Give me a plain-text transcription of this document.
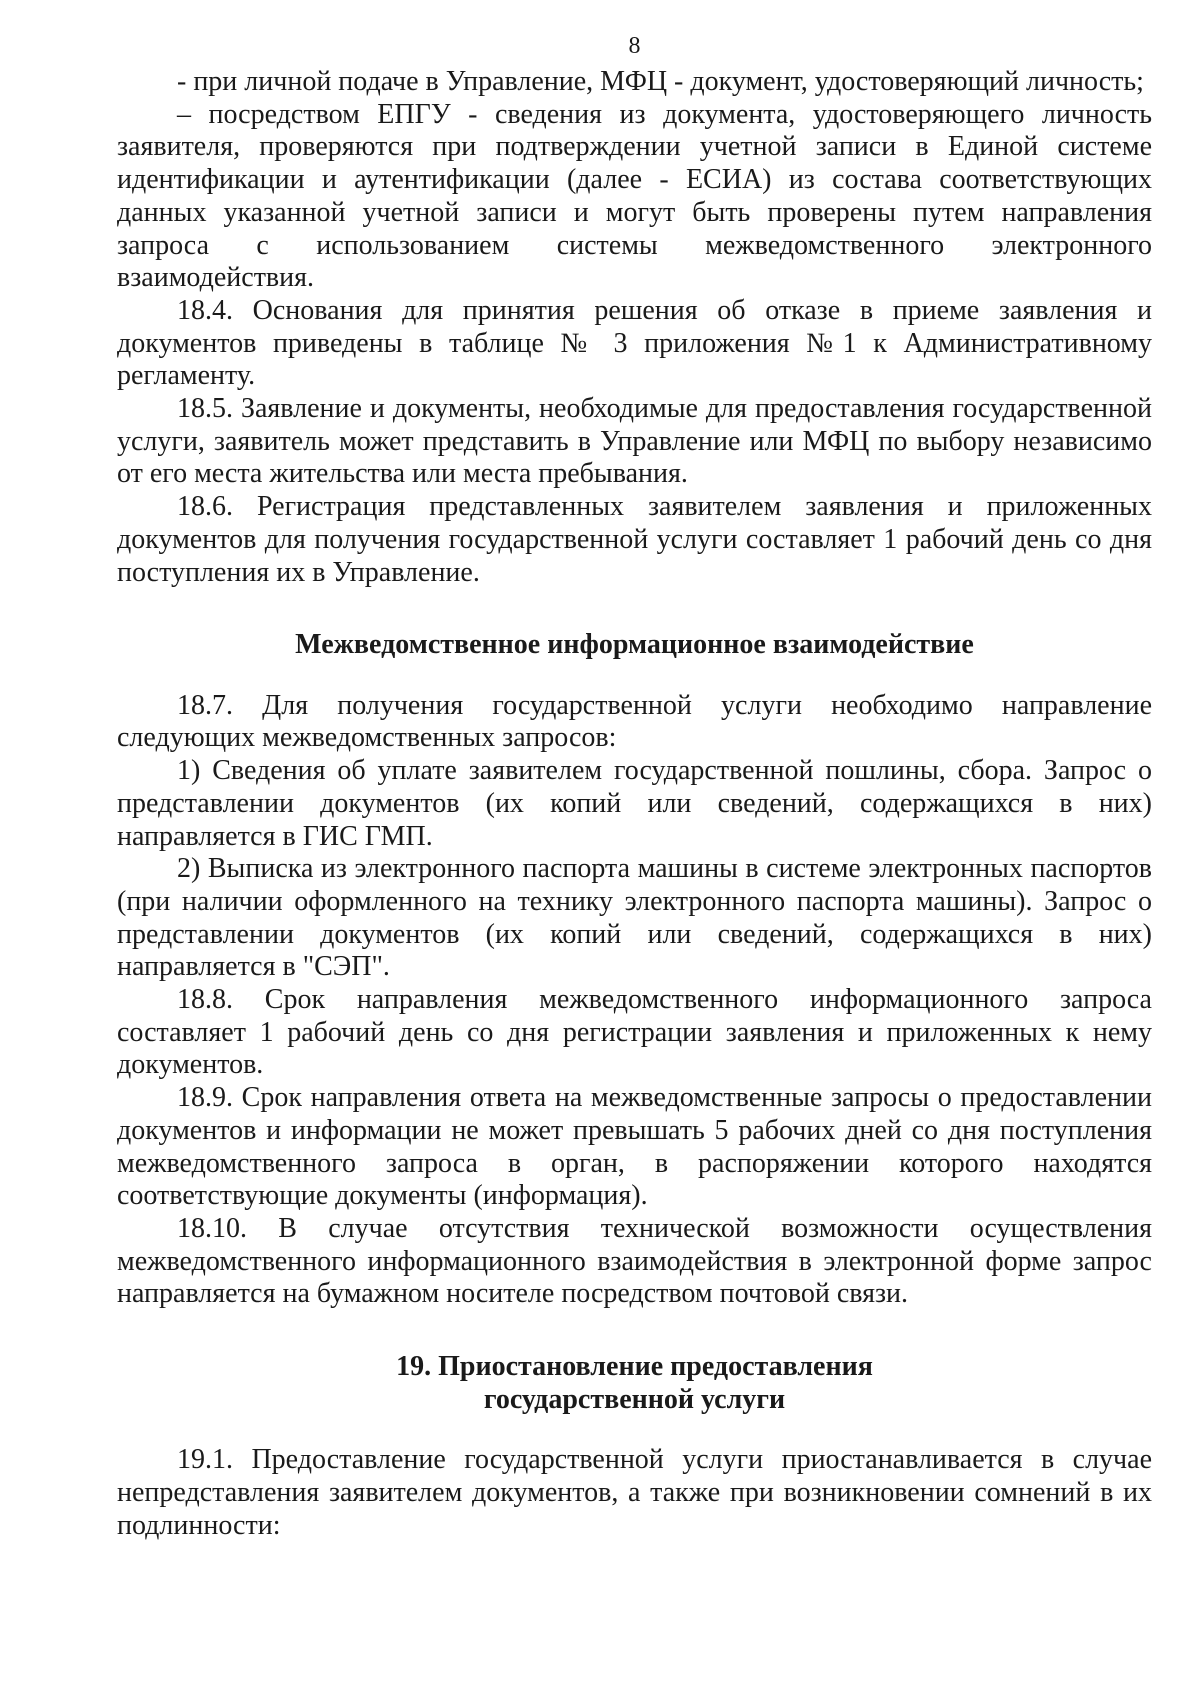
8

- при личной подаче в Управление, МФЦ - документ, удостоверяющий личность;

– посредством ЕПГУ - сведения из документа, удостоверяющего личность заявителя, проверяются при подтверждении учетной записи в Единой системе идентификации и аутентификации (далее - ЕСИА) из состава соответствующих данных указанной учетной записи и могут быть проверены путем направления запроса с использованием системы межведомственного электронного взаимодействия.

18.4. Основания для принятия решения об отказе в приеме заявления и документов приведены в таблице № 3 приложения №1 к Административному регламенту.

18.5. Заявление и документы, необходимые для предоставления государственной услуги, заявитель может представить в Управление или МФЦ по выбору независимо от его места жительства или места пребывания.

18.6. Регистрация представленных заявителем заявления и приложенных документов для получения государственной услуги составляет 1 рабочий день со дня поступления их в Управление.

Межведомственное информационное взаимодействие

18.7. Для получения государственной услуги необходимо направление следующих межведомственных запросов:

1) Сведения об уплате заявителем государственной пошлины, сбора. Запрос о представлении документов (их копий или сведений, содержащихся в них) направляется в ГИС ГМП.

2) Выписка из электронного паспорта машины в системе электронных паспортов (при наличии оформленного на технику электронного паспорта машины). Запрос о представлении документов (их копий или сведений, содержащихся в них) направляется в "СЭП".

18.8. Срок направления межведомственного информационного запроса составляет 1 рабочий день со дня регистрации заявления и приложенных к нему документов.

18.9. Срок направления ответа на межведомственные запросы о предоставлении документов и информации не может превышать 5 рабочих дней со дня поступления межведомственного запроса в орган, в распоряжении которого находятся соответствующие документы (информация).

18.10. В случае отсутствия технической возможности осуществления межведомственного информационного взаимодействия в электронной форме запрос направляется на бумажном носителе посредством почтовой связи.

19. Приостановление предоставления
государственной услуги

19.1. Предоставление государственной услуги приостанавливается в случае непредставления заявителем документов, а также при возникновении сомнений в их подлинности:
